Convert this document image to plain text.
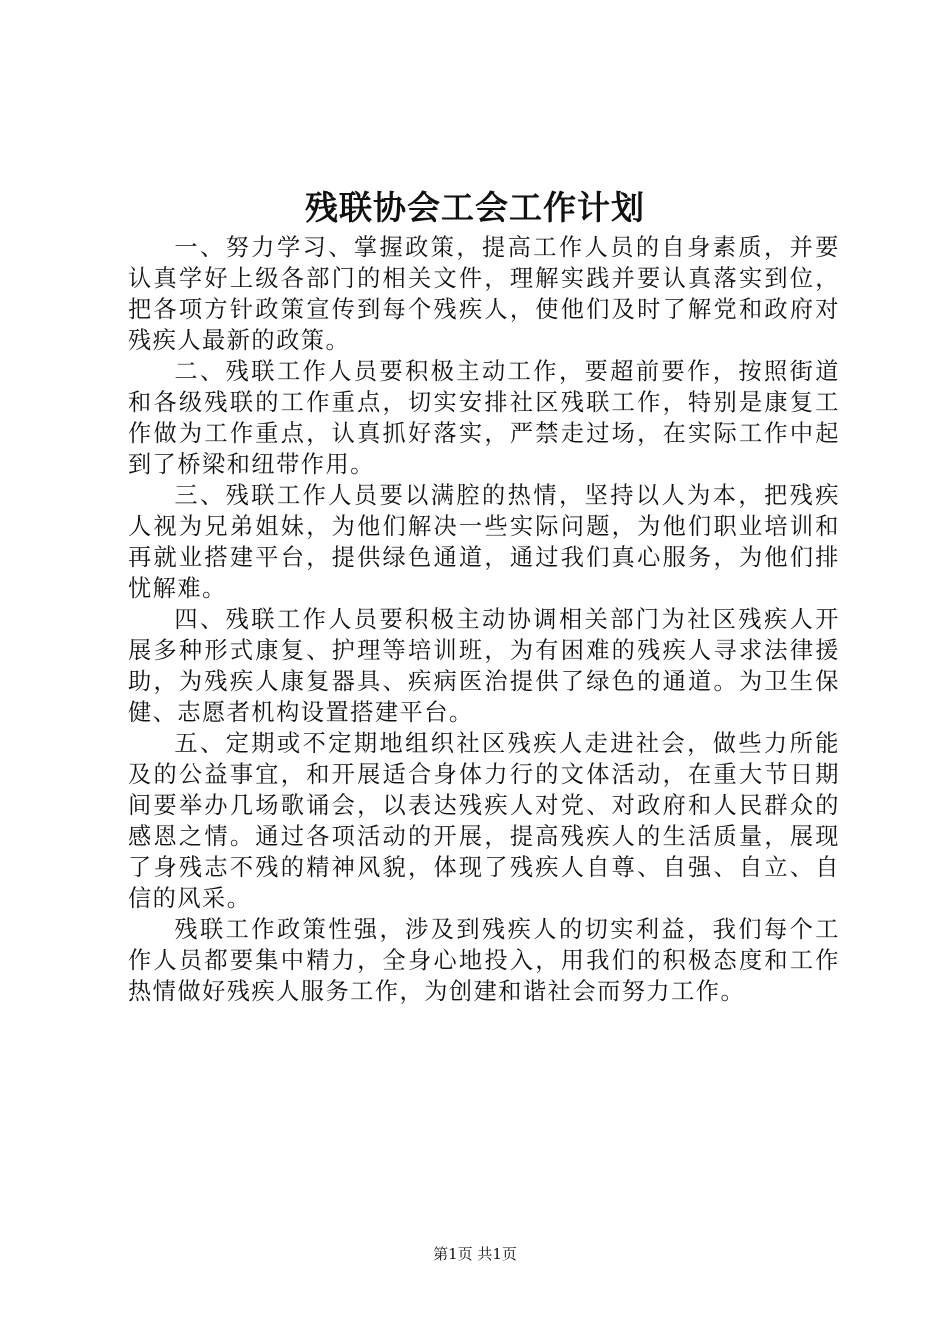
残联协会工会工作计划

一、努力学习、掌握政策，提高工作人员的自身素质，并要认真学好上级各部门的相关文件，理解实践并要认真落实到位，把各项方针政策宣传到每个残疾人，使他们及时了解党和政府对残疾人最新的政策。

二、残联工作人员要积极主动工作，要超前要作，按照街道和各级残联的工作重点，切实安排社区残联工作，特别是康复工作做为工作重点，认真抓好落实，严禁走过场，在实际工作中起到了桥梁和纽带作用。

三、残联工作人员要以满腔的热情，坚持以人为本，把残疾人视为兄弟姐妹，为他们解决一些实际问题，为他们职业培训和再就业搭建平台，提供绿色通道，通过我们真心服务，为他们排忧解难。

四、残联工作人员要积极主动协调相关部门为社区残疾人开展多种形式康复、护理等培训班，为有困难的残疾人寻求法律援助，为残疾人康复器具、疾病医治提供了绿色的通道。为卫生保健、志愿者机构设置搭建平台。

五、定期或不定期地组织社区残疾人走进社会，做些力所能及的公益事宜，和开展适合身体力行的文体活动，在重大节日期间要举办几场歌诵会，以表达残疾人对党、对政府和人民群众的感恩之情。通过各项活动的开展，提高残疾人的生活质量，展现了身残志不残的精神风貌，体现了残疾人自尊、自强、自立、自信的风采。

残联工作政策性强，涉及到残疾人的切实利益，我们每个工作人员都要集中精力，全身心地投入，用我们的积极态度和工作热情做好残疾人服务工作，为创建和谐社会而努力工作。

第1页 共1页
